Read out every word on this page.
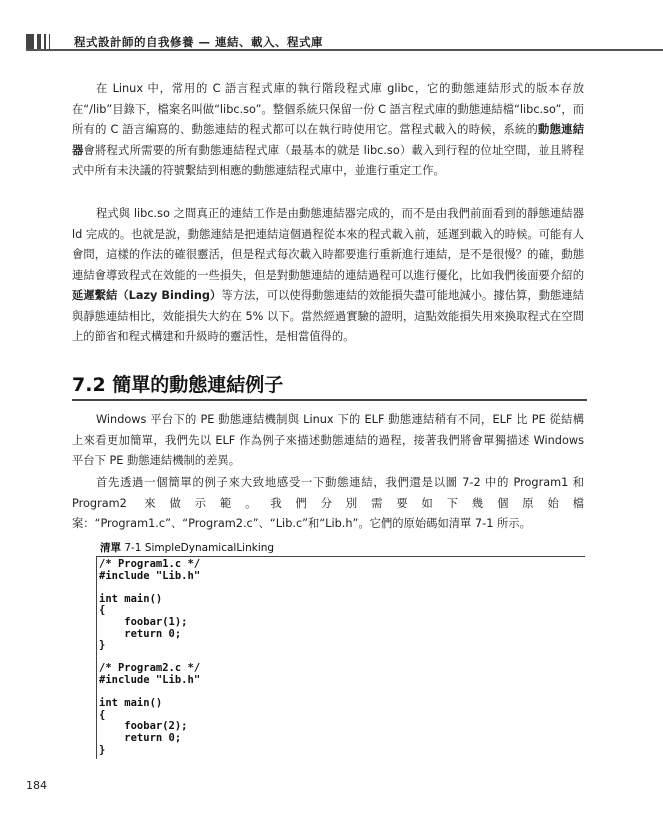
程式設計師的自我修養 — 連結、載入、程式庫

在 Linux 中，常用的 C 語言程式庫的執行階段程式庫 glibc，它的動態連結形式的版本存放在“/lib”目錄下，檔案名叫做“libc.so”。整個系統只保留一份 C 語言程式庫的動態連結檔“libc.so”，而所有的 C 語言編寫的、動態連結的程式都可以在執行時使用它。當程式載入的時候，系統的動態連結器會將程式所需要的所有動態連結程式庫（最基本的就是 libc.so）載入到行程的位址空間，並且將程式中所有未決議的符號繫結到相應的動態連結程式庫中，並進行重定工作。

程式與 libc.so 之間真正的連結工作是由動態連結器完成的，而不是由我們前面看到的靜態連結器 ld 完成的。也就是說，動態連結是把連結這個過程從本來的程式載入前，延遲到載入的時候。可能有人會問，這樣的作法的確很靈活，但是程式每次載入時都要進行重新進行連結，是不是很慢？的確，動態連結會導致程式在效能的一些損失，但是對動態連結的連結過程可以進行優化，比如我們後面要介紹的延遲繫結（Lazy Binding）等方法，可以使得動態連結的效能損失盡可能地減小。據估算，動態連結與靜態連結相比，效能損失大約在 5% 以下。當然經過實驗的證明，這點效能損失用來換取程式在空間上的節省和程式構建和升級時的靈活性，是相當值得的。

7.2 簡單的動態連結例子

Windows 平台下的 PE 動態連結機制與 Linux 下的 ELF 動態連結稍有不同，ELF 比 PE 從結構上來看更加簡單，我們先以 ELF 作為例子來描述動態連結的過程，接著我們將會單獨描述 Windows 平台下 PE 動態連結機制的差異。

首先透過一個簡單的例子來大致地感受一下動態連結，我們還是以圖 7-2 中的 Program1 和 Program2 來做示範。我們分別需要如下幾個原始檔案：“Program1.c”、“Program2.c”、“Lib.c”和“Lib.h”。它們的原始碼如清單 7-1 所示。

清單 7-1 SimpleDynamicalLinking
/* Program1.c */
#include "Lib.h"

int main()
{
foobar(1);
return 0;
}

/* Program2.c */
#include "Lib.h"

int main()
{
foobar(2);
return 0;
}
184
